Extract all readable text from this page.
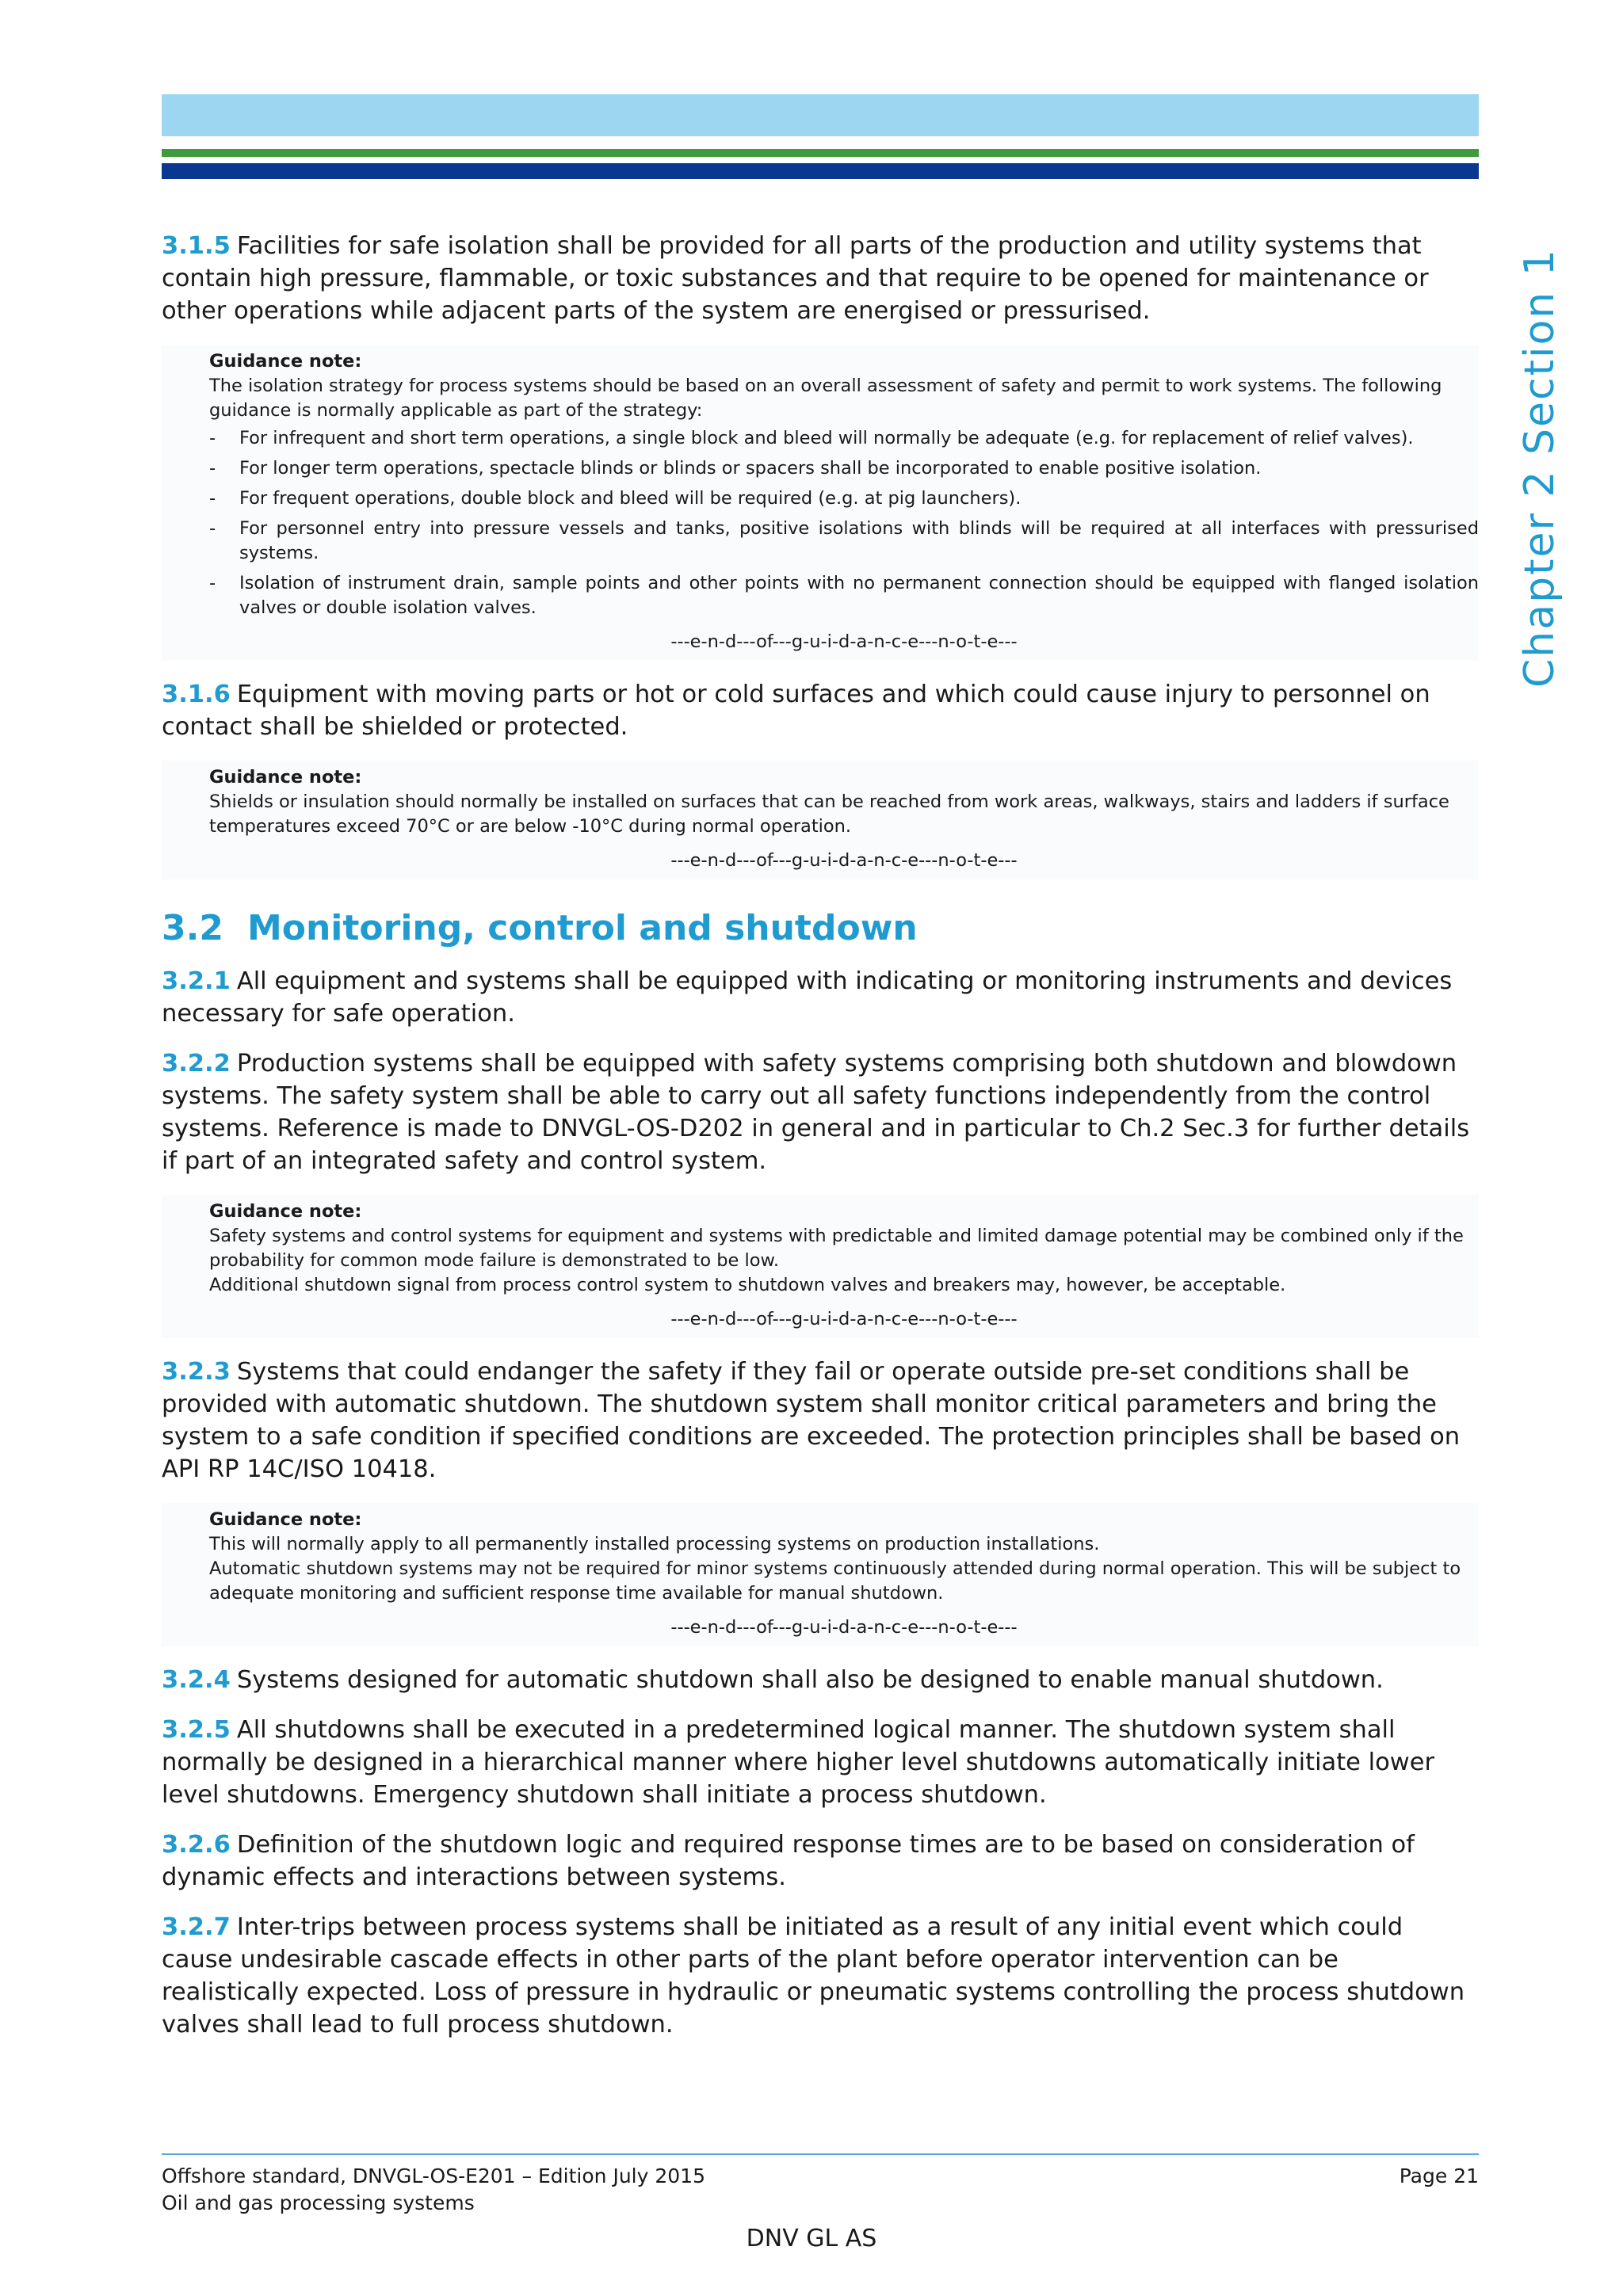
Chapter 2 Section 1

3.1.5 Facilities for safe isolation shall be provided for all parts of the production and utility systems that contain high pressure, flammable, or toxic substances and that require to be opened for maintenance or other operations while adjacent parts of the system are energised or pressurised.

Guidance note:

The isolation strategy for process systems should be based on an overall assessment of safety and permit to work systems. The following guidance is normally applicable as part of the strategy:

- For infrequent and short term operations, a single block and bleed will normally be adequate (e.g. for replacement of relief valves).
- For longer term operations, spectacle blinds or blinds or spacers shall be incorporated to enable positive isolation.
- For frequent operations, double block and bleed will be required (e.g. at pig launchers).
- For personnel entry into pressure vessels and tanks, positive isolations with blinds will be required at all interfaces with pressurised systems.
- Isolation of instrument drain, sample points and other points with no permanent connection should be equipped with flanged isolation valves or double isolation valves.
---e-n-d---of---g-u-i-d-a-n-c-e---n-o-t-e---

3.1.6 Equipment with moving parts or hot or cold surfaces and which could cause injury to personnel on contact shall be shielded or protected.

Guidance note:

Shields or insulation should normally be installed on surfaces that can be reached from work areas, walkways, stairs and ladders if surface temperatures exceed 70°C or are below -10°C during normal operation.

---e-n-d---of---g-u-i-d-a-n-c-e---n-o-t-e---
3.2 Monitoring, control and shutdown

3.2.1 All equipment and systems shall be equipped with indicating or monitoring instruments and devices necessary for safe operation.

3.2.2 Production systems shall be equipped with safety systems comprising both shutdown and blowdown systems. The safety system shall be able to carry out all safety functions independently from the control systems. Reference is made to DNVGL-OS-D202 in general and in particular to Ch.2 Sec.3 for further details if part of an integrated safety and control system.

Guidance note:

Safety systems and control systems for equipment and systems with predictable and limited damage potential may be combined only if the probability for common mode failure is demonstrated to be low.

Additional shutdown signal from process control system to shutdown valves and breakers may, however, be acceptable.

---e-n-d---of---g-u-i-d-a-n-c-e---n-o-t-e---

3.2.3 Systems that could endanger the safety if they fail or operate outside pre-set conditions shall be provided with automatic shutdown. The shutdown system shall monitor critical parameters and bring the system to a safe condition if specified conditions are exceeded. The protection principles shall be based on API RP 14C/ISO 10418.

Guidance note:

This will normally apply to all permanently installed processing systems on production installations.

Automatic shutdown systems may not be required for minor systems continuously attended during normal operation. This will be subject to adequate monitoring and sufficient response time available for manual shutdown.

---e-n-d---of---g-u-i-d-a-n-c-e---n-o-t-e---

3.2.4 Systems designed for automatic shutdown shall also be designed to enable manual shutdown.

3.2.5 All shutdowns shall be executed in a predetermined logical manner. The shutdown system shall normally be designed in a hierarchical manner where higher level shutdowns automatically initiate lower level shutdowns. Emergency shutdown shall initiate a process shutdown.

3.2.6 Definition of the shutdown logic and required response times are to be based on consideration of dynamic effects and interactions between systems.

3.2.7 Inter-trips between process systems shall be initiated as a result of any initial event which could cause undesirable cascade effects in other parts of the plant before operator intervention can be realistically expected. Loss of pressure in hydraulic or pneumatic systems controlling the process shutdown valves shall lead to full process shutdown.

Offshore standard, DNVGL-OS-E201 – Edition July 2015
Oil and gas processing systems
Page 21
DNV GL AS
